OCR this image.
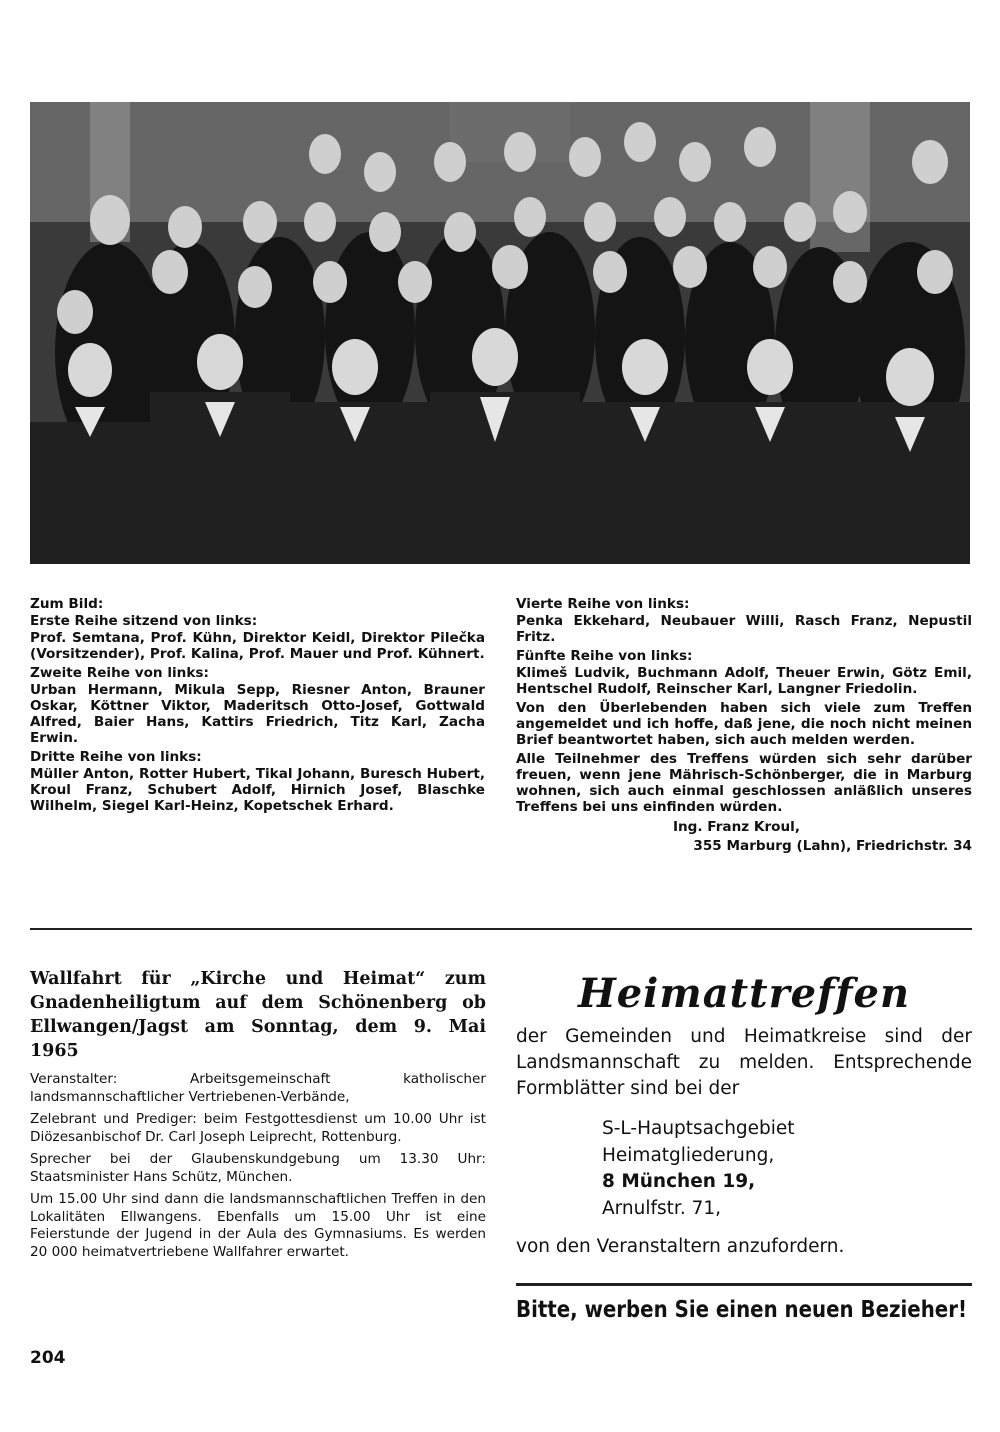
Zum Bild:

Erste Reihe sitzend von links:

Prof. Semtana, Prof. Kühn, Direktor Keidl, Direktor Pilečka (Vorsitzender), Prof. Kalina, Prof. Mauer und Prof. Kühnert.

Zweite Reihe von links:

Urban Hermann, Mikula Sepp, Riesner Anton, Brauner Oskar, Köttner Viktor, Maderitsch Otto-Josef, Gottwald Alfred, Baier Hans, Kattirs Friedrich, Titz Karl, Zacha Erwin.

Dritte Reihe von links:

Müller Anton, Rotter Hubert, Tikal Johann, Buresch Hubert, Kroul Franz, Schubert Adolf, Hirnich Josef, Blaschke Wilhelm, Siegel Karl-Heinz, Kopetschek Erhard.

Vierte Reihe von links:

Penka Ekkehard, Neubauer Willi, Rasch Franz, Nepustil Fritz.

Fünfte Reihe von links:

Klimeš Ludvik, Buchmann Adolf, Theuer Erwin, Götz Emil, Hentschel Rudolf, Reinscher Karl, Langner Friedolin.

Von den Überlebenden haben sich viele zum Treffen angemeldet und ich hoffe, daß jene, die noch nicht meinen Brief beantwortet haben, sich auch melden werden.

Alle Teilnehmer des Treffens würden sich sehr darüber freuen, wenn jene Mährisch-Schönberger, die in Marburg wohnen, sich auch einmal geschlossen anläßlich unseres Treffens bei uns einfinden würden.

Ing. Franz Kroul,
355 Marburg (Lahn), Friedrichstr. 34
Wallfahrt für „Kirche und Heimat“ zum Gnadenheiligtum auf dem Schönenberg ob Ellwangen/Jagst am Sonntag, dem 9. Mai 1965

Veranstalter: Arbeitsgemeinschaft katholischer landsmannschaftlicher Vertriebenen-Verbände,

Zelebrant und Prediger: beim Festgottesdienst um 10.00 Uhr ist Diözesanbischof Dr. Carl Joseph Leiprecht, Rottenburg.

Sprecher bei der Glaubenskundgebung um 13.30 Uhr: Staatsminister Hans Schütz, München.

Um 15.00 Uhr sind dann die landsmannschaftlichen Treffen in den Lokalitäten Ellwangens. Ebenfalls um 15.00 Uhr ist eine Feierstunde der Jugend in der Aula des Gymnasiums. Es werden 20 000 heimatvertriebene Wallfahrer erwartet.

Heimattreffen

der Gemeinden und Heimatkreise sind der Landsmannschaft zu melden. Entsprechende Formblätter sind bei der

S-L-Hauptsachgebiet
Heimatgliederung,
8 München 19,
Arnulfstr. 71,

von den Veranstaltern anzufordern.

Bitte, werben Sie einen neuen Bezieher!
204
